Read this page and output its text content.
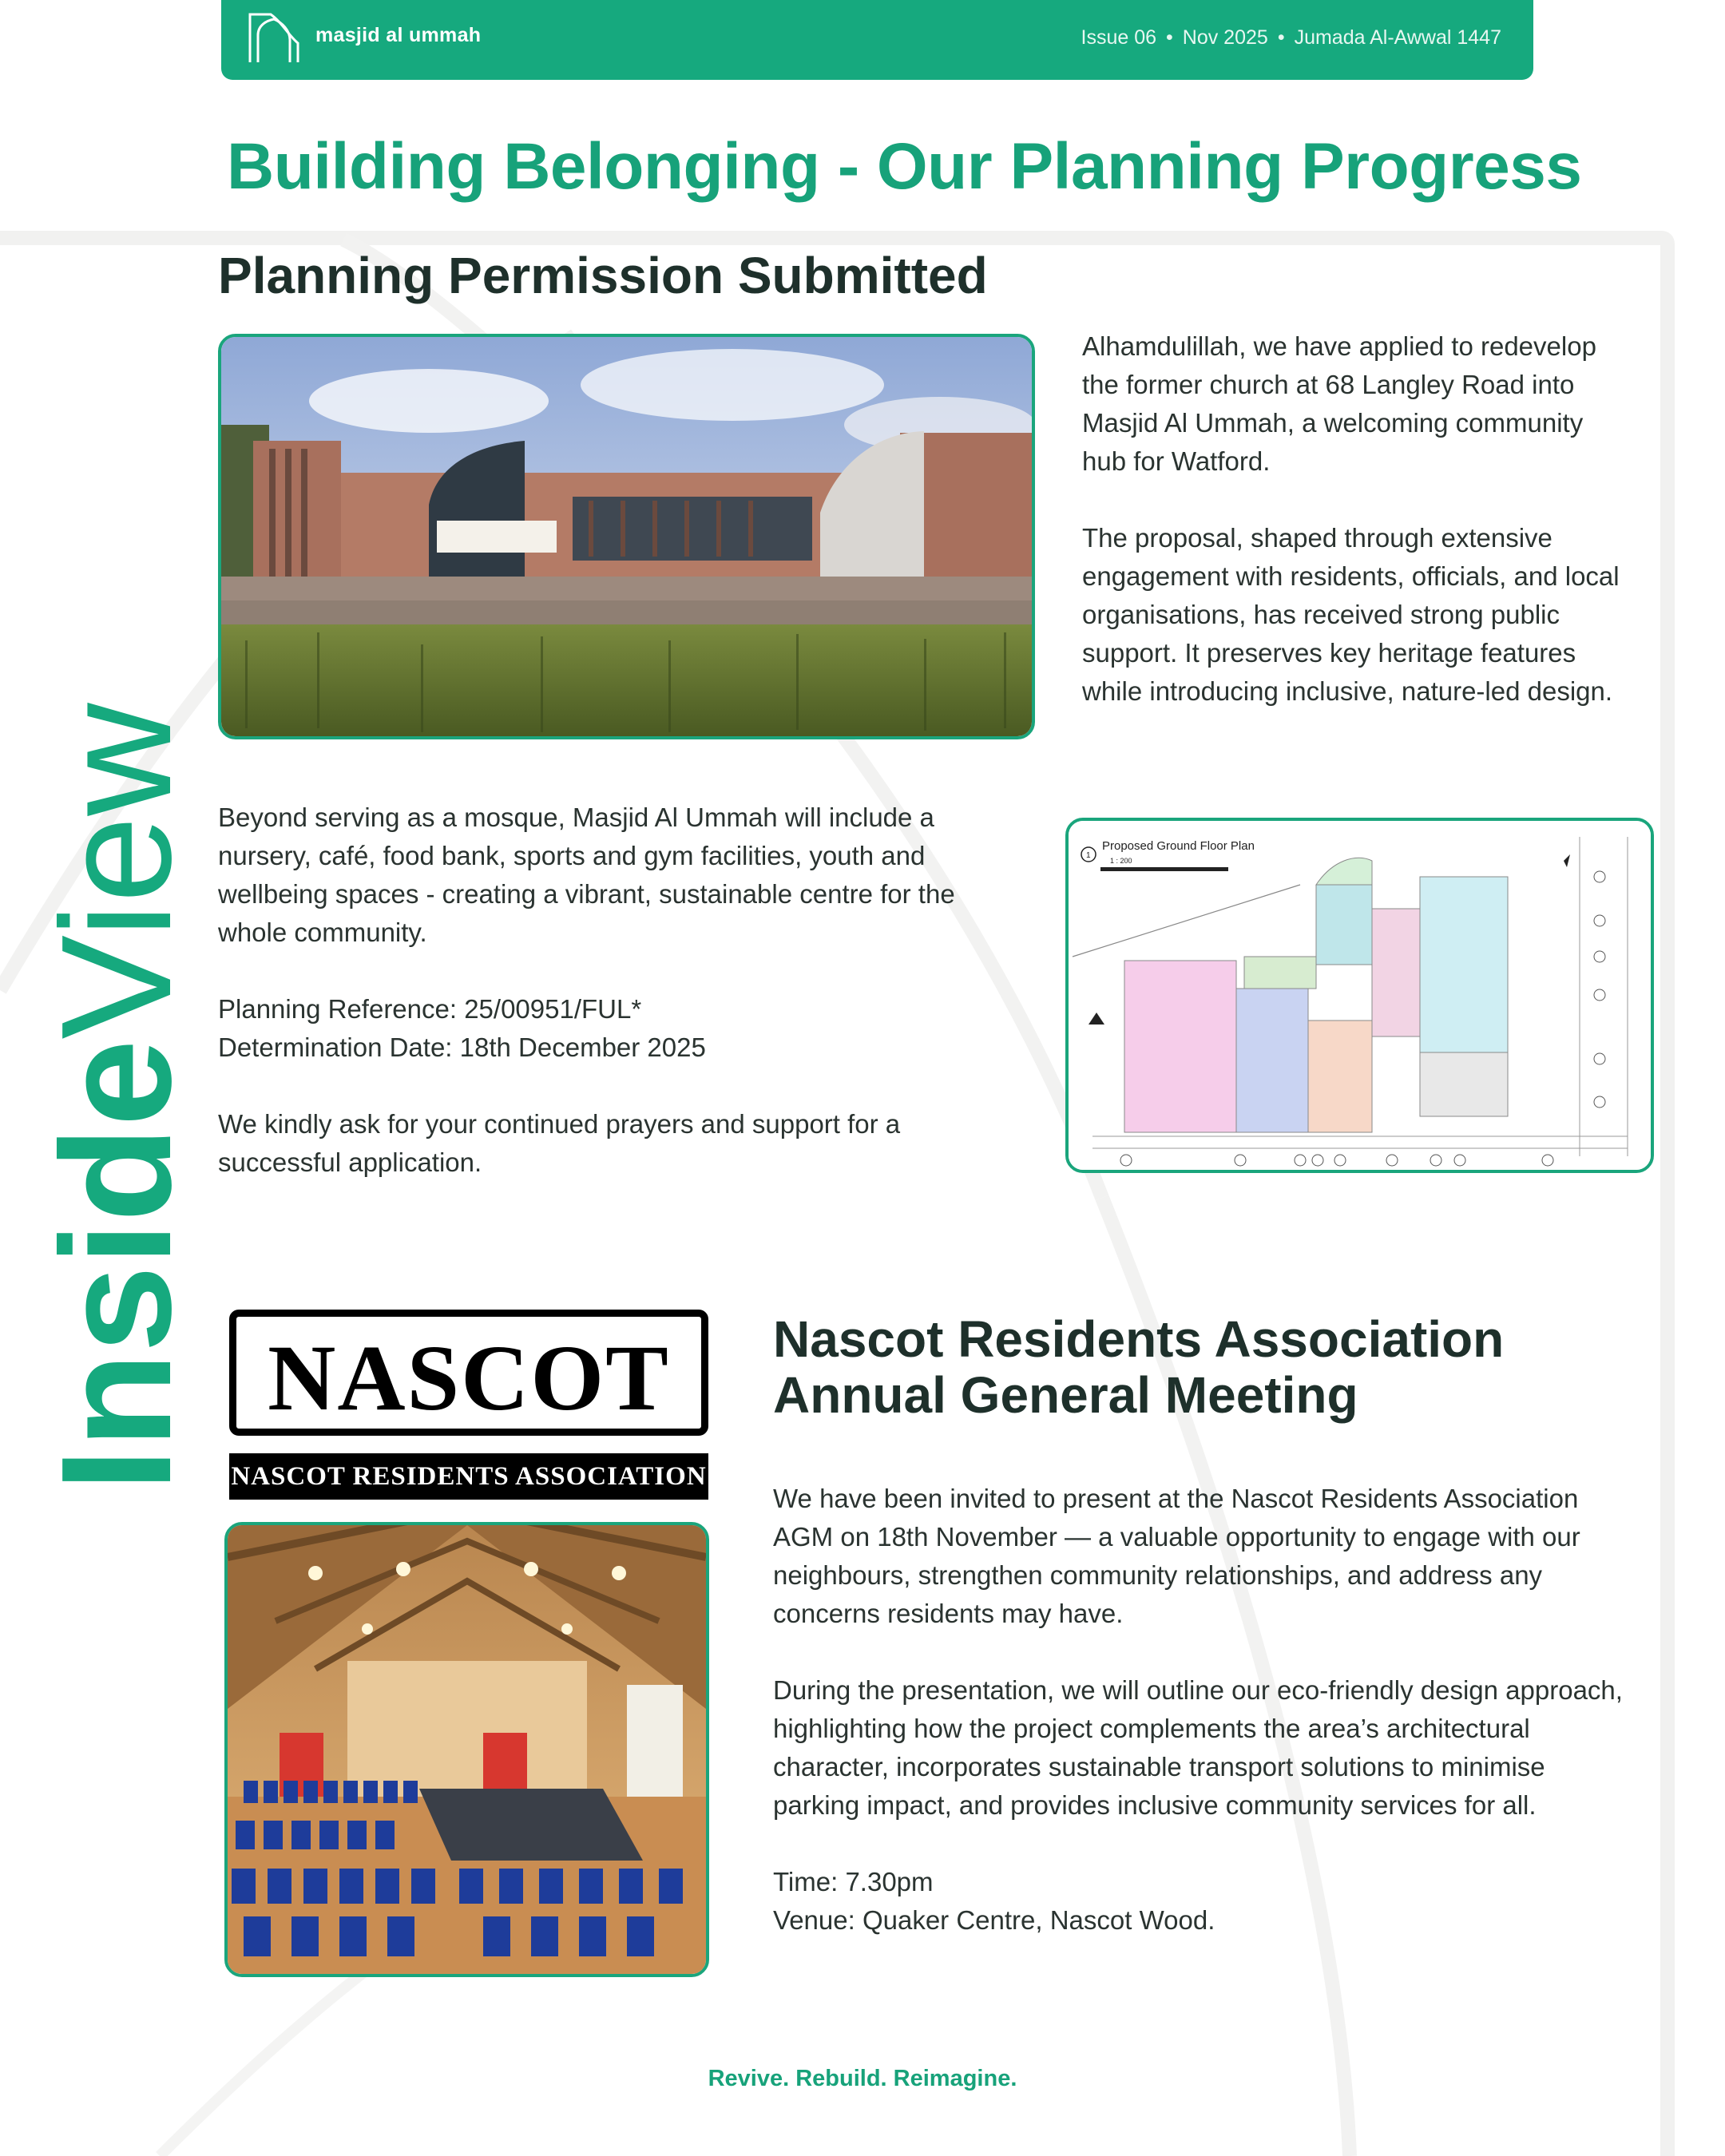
masjid al ummah	Issue 06 • Nov 2025 • Jumada Al-Awwal 1447
Building Belonging - Our Planning Progress
InsideView
Planning Permission Submitted

Alhamdulillah, we have applied to redevelop the former church at 68 Langley Road into Masjid Al Ummah, a welcoming community hub for Watford.

The proposal, shaped through extensive engagement with residents, officials, and local organisations, has received strong public support. It preserves key heritage features while introducing inclusive, nature-led design.

Beyond serving as a mosque, Masjid Al Ummah will include a nursery, café, food bank, sports and gym facilities, youth and wellbeing spaces - creating a vibrant, sustainable centre for the whole community.

Planning Reference: 25/00951/FUL*

Determination Date: 18th December 2025

We kindly ask for your continued prayers and support for a successful application.

1
Proposed Ground Floor Plan
1 : 200
NASCOT
NASCOT RESIDENTS ASSOCIATION
Nascot Residents Association
Annual General Meeting

We have been invited to present at the Nascot Residents Association AGM on 18th November — a valuable opportunity to engage with our neighbours, strengthen community relationships, and address any concerns residents may have.

During the presentation, we will outline our eco-friendly design approach, highlighting how the project complements the area’s architectural character, incorporates sustainable transport solutions to minimise parking impact, and provides inclusive community services for all.

Time: 7.30pm

Venue: Quaker Centre, Nascot Wood.

Revive. Rebuild. Reimagine.
